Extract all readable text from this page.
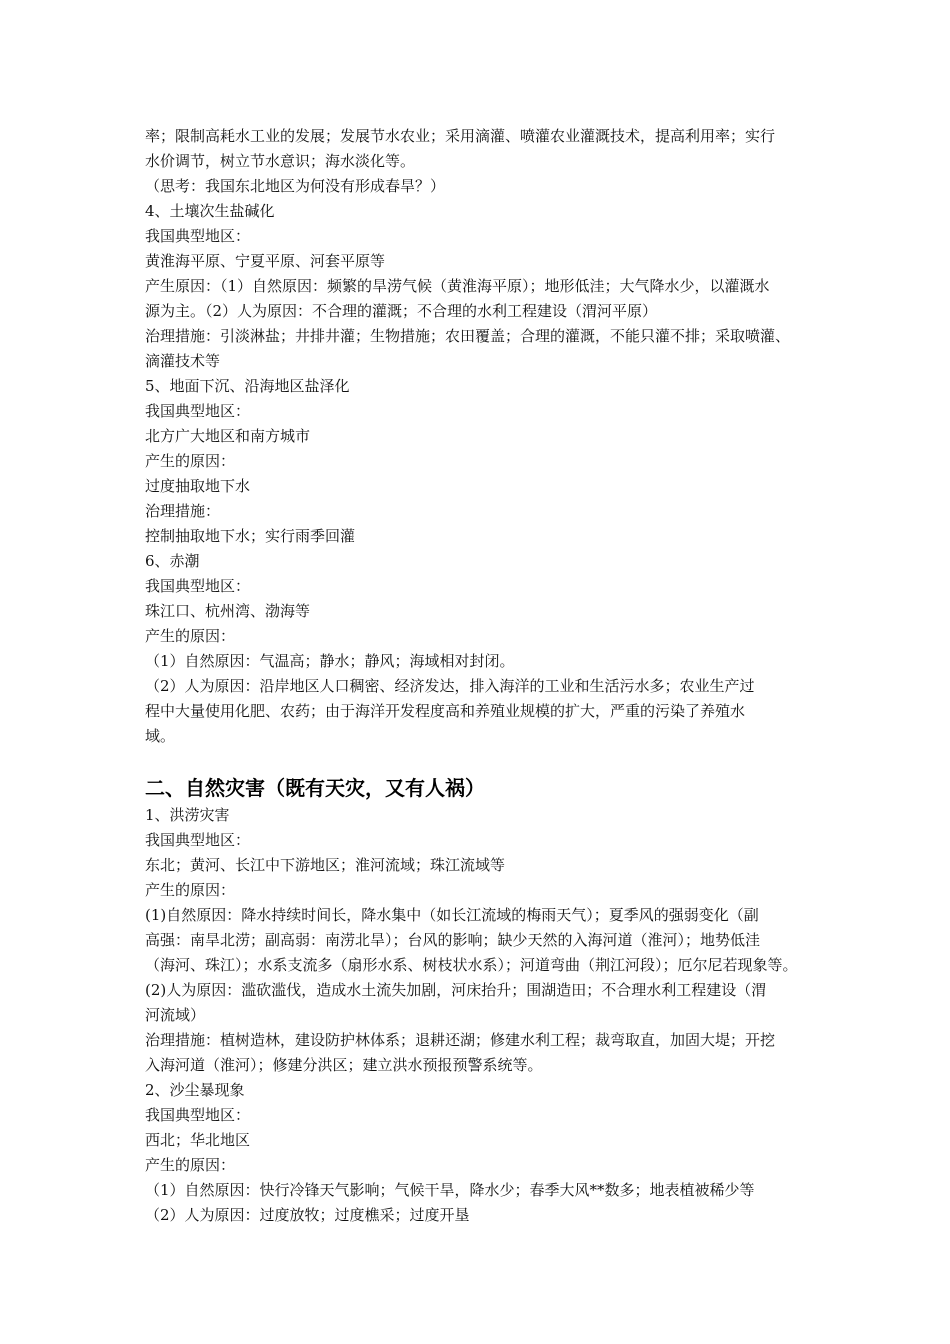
率；限制高耗水工业的发展；发展节水农业；采用滴灌、喷灌农业灌溉技术，提高利用率；实行
水价调节，树立节水意识；海水淡化等。
（思考：我国东北地区为何没有形成春旱？）
4、土壤次生盐碱化
我国典型地区：
黄淮海平原、宁夏平原、河套平原等
产生原因：（1）自然原因：频繁的旱涝气候（黄淮海平原）；地形低洼；大气降水少，以灌溉水
源为主。（2）人为原因：不合理的灌溉；不合理的水利工程建设（渭河平原）
治理措施：引淡淋盐；井排井灌；生物措施；农田覆盖；合理的灌溉，不能只灌不排；采取喷灌、
滴灌技术等
5、地面下沉、沿海地区盐泽化
我国典型地区：
北方广大地区和南方城市
产生的原因：
过度抽取地下水
治理措施：
控制抽取地下水；实行雨季回灌
6、赤潮
我国典型地区：
珠江口、杭州湾、渤海等
产生的原因：
（1）自然原因：气温高；静水；静风；海域相对封闭。
（2）人为原因：沿岸地区人口稠密、经济发达，排入海洋的工业和生活污水多；农业生产过
程中大量使用化肥、农药；由于海洋开发程度高和养殖业规模的扩大，严重的污染了养殖水
域。
二、自然灾害（既有天灾，又有人祸）
1、洪涝灾害
我国典型地区：
东北；黄河、长江中下游地区；淮河流域；珠江流域等
产生的原因：
(1)自然原因：降水持续时间长，降水集中（如长江流域的梅雨天气）；夏季风的强弱变化（副
高强：南旱北涝；副高弱：南涝北旱）；台风的影响；缺少天然的入海河道（淮河）；地势低洼
（海河、珠江）；水系支流多（扇形水系、树枝状水系）；河道弯曲（荆江河段）；厄尔尼若现象等。
(2)人为原因：滥砍滥伐，造成水土流失加剧，河床抬升；围湖造田；不合理水利工程建设（渭
河流域）
治理措施：植树造林，建设防护林体系；退耕还湖；修建水利工程；裁弯取直，加固大堤；开挖
入海河道（淮河）；修建分洪区；建立洪水预报预警系统等。
2、沙尘暴现象
我国典型地区：
西北；华北地区
产生的原因：
（1）自然原因：快行冷锋天气影响；气候干旱，降水少；春季大风**数多；地表植被稀少等
（2）人为原因：过度放牧；过度樵采；过度开垦
